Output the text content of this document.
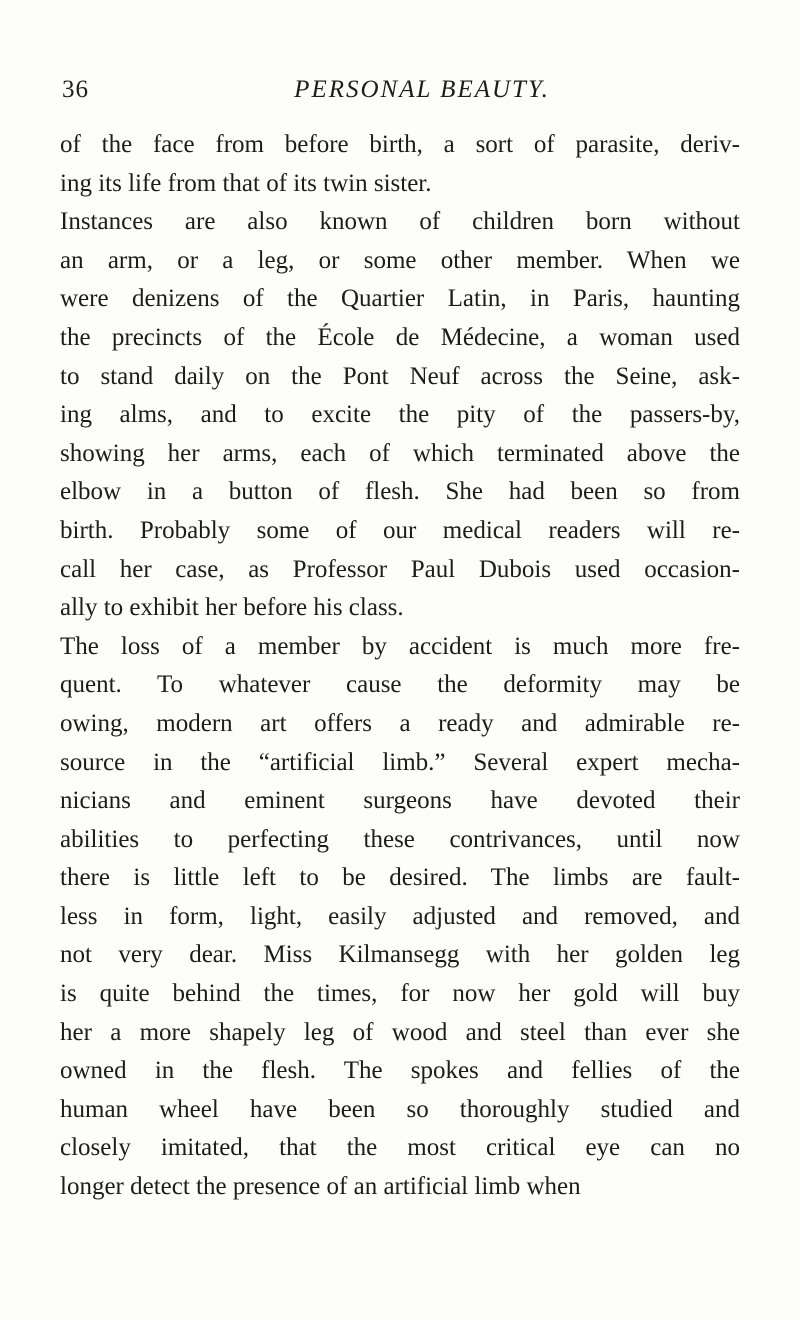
36	PERSONAL BEAUTY.
of the face from before birth, a sort of parasite, deriv-
ing its life from that of its twin sister.
Instances are also known of children born without
an arm, or a leg, or some other member. When we
were denizens of the Quartier Latin, in Paris, haunting
the precincts of the École de Médecine, a woman used
to stand daily on the Pont Neuf across the Seine, ask-
ing alms, and to excite the pity of the passers-by,
showing her arms, each of which terminated above the
elbow in a button of flesh. She had been so from
birth. Probably some of our medical readers will re-
call her case, as Professor Paul Dubois used occasion-
ally to exhibit her before his class.
The loss of a member by accident is much more fre-
quent. To whatever cause the deformity may be
owing, modern art offers a ready and admirable re-
source in the “artificial limb.” Several expert mecha-
nicians and eminent surgeons have devoted their
abilities to perfecting these contrivances, until now
there is little left to be desired. The limbs are fault-
less in form, light, easily adjusted and removed, and
not very dear. Miss Kilmansegg with her golden leg
is quite behind the times, for now her gold will buy
her a more shapely leg of wood and steel than ever she
owned in the flesh. The spokes and fellies of the
human wheel have been so thoroughly studied and
closely imitated, that the most critical eye can no
longer detect the presence of an artificial limb when
